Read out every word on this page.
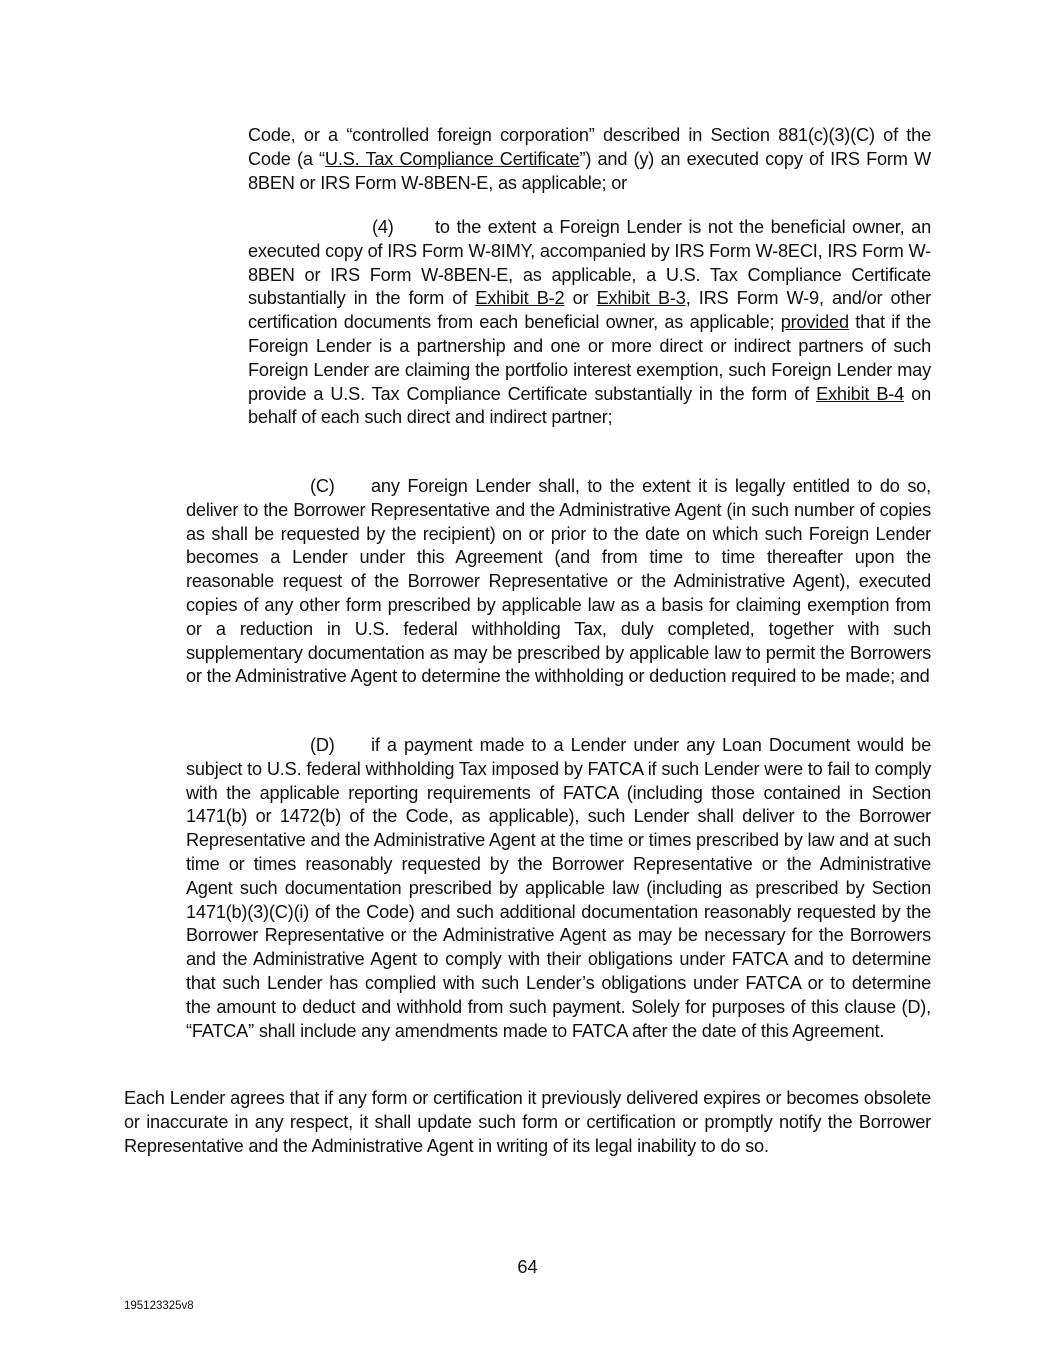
Code, or a “controlled foreign corporation” described in Section 881(c)(3)(C) of the Code (a “U.S. Tax Compliance Certificate”) and (y) an executed copy of IRS Form W 8BEN or IRS Form W-8BEN-E, as applicable; or

(4) to the extent a Foreign Lender is not the beneficial owner, an executed copy of IRS Form W-8IMY, accompanied by IRS Form W-8ECI, IRS Form W-8BEN or IRS Form W-8BEN-E, as applicable, a U.S. Tax Compliance Certificate substantially in the form of Exhibit B-2 or Exhibit B-3, IRS Form W-9, and/or other certification documents from each beneficial owner, as applicable; provided that if the Foreign Lender is a partnership and one or more direct or indirect partners of such Foreign Lender are claiming the portfolio interest exemption, such Foreign Lender may provide a U.S. Tax Compliance Certificate substantially in the form of Exhibit B-4 on behalf of each such direct and indirect partner;

(C) any Foreign Lender shall, to the extent it is legally entitled to do so, deliver to the Borrower Representative and the Administrative Agent (in such number of copies as shall be requested by the recipient) on or prior to the date on which such Foreign Lender becomes a Lender under this Agreement (and from time to time thereafter upon the reasonable request of the Borrower Representative or the Administrative Agent), executed copies of any other form prescribed by applicable law as a basis for claiming exemption from or a reduction in U.S. federal withholding Tax, duly completed, together with such supplementary documentation as may be prescribed by applicable law to permit the Borrowers or the Administrative Agent to determine the withholding or deduction required to be made; and

(D) if a payment made to a Lender under any Loan Document would be subject to U.S. federal withholding Tax imposed by FATCA if such Lender were to fail to comply with the applicable reporting requirements of FATCA (including those contained in Section 1471(b) or 1472(b) of the Code, as applicable), such Lender shall deliver to the Borrower Representative and the Administrative Agent at the time or times prescribed by law and at such time or times reasonably requested by the Borrower Representative or the Administrative Agent such documentation prescribed by applicable law (including as prescribed by Section 1471(b)(3)(C)(i) of the Code) and such additional documentation reasonably requested by the Borrower Representative or the Administrative Agent as may be necessary for the Borrowers and the Administrative Agent to comply with their obligations under FATCA and to determine that such Lender has complied with such Lender’s obligations under FATCA or to determine the amount to deduct and withhold from such payment. Solely for purposes of this clause (D), “FATCA” shall include any amendments made to FATCA after the date of this Agreement.

Each Lender agrees that if any form or certification it previously delivered expires or becomes obsolete or inaccurate in any respect, it shall update such form or certification or promptly notify the Borrower Representative and the Administrative Agent in writing of its legal inability to do so.

64
195123325v8
